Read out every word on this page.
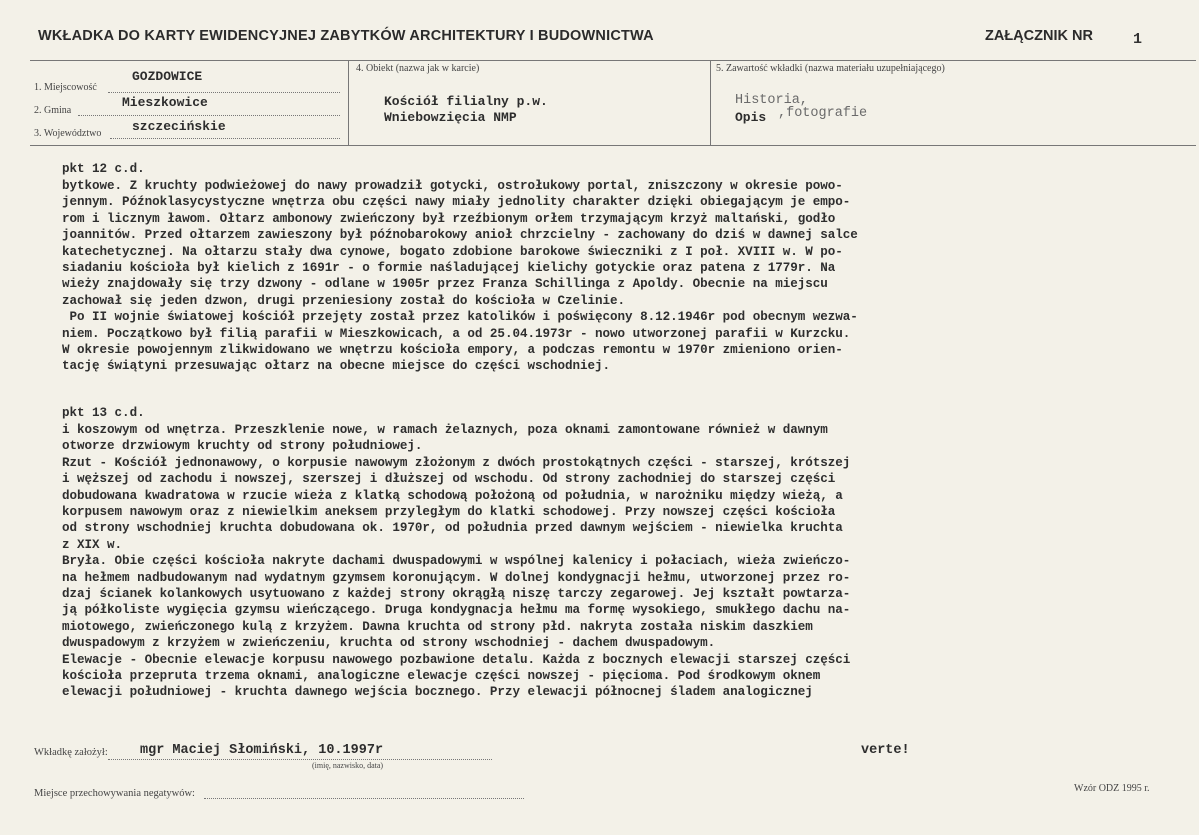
WKŁADKA DO KARTY EWIDENCYJNEJ ZABYTKÓW ARCHITEKTURY I BUDOWNICTWA	ZAŁĄCZNIK NR	1
1. Miejscowość
GOZDOWICE
2. Gmina
Mieszkowice
3. Województwo szczecińskie
4. Obiekt (nazwa jak w karcie)
Kościół filialny p.w.
Wniebowzięcia NMP
5. Zawartość wkładki (nazwa materiału uzupełniającego)
Historia,
Opis ,fotografie
pkt 12 c.d.
bytkowe. Z kruchty podwieżowej do nawy prowadził gotycki, ostrołukowy portal, zniszczony w okresie powo-
jennym. Późnoklasycystyczne wnętrza obu części nawy miały jednolity charakter dzięki obiegającym je empo-
rom i licznym ławom. Ołtarz ambonowy zwieńczony był rzeźbionym orłem trzymającym krzyż maltański, godło
joannitów. Przed ołtarzem zawieszony był późnobarokowy anioł chrzcielny - zachowany do dziś w dawnej salce
katechetycznej. Na ołtarzu stały dwa cynowe, bogato zdobione barokowe świeczniki z I poł. XVIII w. W po-
siadaniu kościoła był kielich z 1691r - o formie naśladującej kielichy gotyckie oraz patena z 1779r. Na
wieży znajdowały się trzy dzwony - odlane w 1905r przez Franza Schillinga z Apoldy. Obecnie na miejscu
zachował się jeden dzwon, drugi przeniesiony został do kościoła w Czelinie.
Po II wojnie światowej kościół przejęty został przez katolików i poświęcony 8.12.1946r pod obecnym wezwa-
niem. Początkowo był filią parafii w Mieszkowicach, a od 25.04.1973r - nowo utworzonej parafii w Kurzcku.
W okresie powojennym zlikwidowano we wnętrzu kościoła empory, a podczas remontu w 1970r zmieniono orien-
tację świątyni przesuwając ołtarz na obecne miejsce do części wschodniej.
pkt 13 c.d.
i koszowym od wnętrza. Przeszklenie nowe, w ramach żelaznych, poza oknami zamontowane również w dawnym
otworze drzwiowym kruchty od strony południowej.
Rzut - Kościół jednonawowy, o korpusie nawowym złożonym z dwóch prostokątnych części - starszej, krótszej
i węższej od zachodu i nowszej, szerszej i dłuższej od wschodu. Od strony zachodniej do starszej części
dobudowana kwadratowa w rzucie wieża z klatką schodową położoną od południa, w narożniku między wieżą, a
korpusem nawowym oraz z niewielkim aneksem przyległym do klatki schodowej. Przy nowszej części kościoła
od strony wschodniej kruchta dobudowana ok. 1970r, od południa przed dawnym wejściem - niewielka kruchta
z XIX w.
Bryła. Obie części kościoła nakryte dachami dwuspadowymi w wspólnej kalenicy i połaciach, wieża zwieńczo-
na hełmem nadbudowanym nad wydatnym gzymsem koronującym. W dolnej kondygnacji hełmu, utworzonej przez ro-
dzaj ścianek kolankowych usytuowano z każdej strony okrągłą niszę tarczy zegarowej. Jej kształt powtarza-
ją półkoliste wygięcia gzymsu wieńczącego. Druga kondygnacja hełmu ma formę wysokiego, smukłego dachu na-
miotowego, zwieńczonego kulą z krzyżem. Dawna kruchta od strony płd. nakryta została niskim daszkiem
dwuspadowym z krzyżem w zwieńczeniu, kruchta od strony wschodniej - dachem dwuspadowym.
Elewacje - Obecnie elewacje korpusu nawowego pozbawione detalu. Każda z bocznych elewacji starszej części
kościoła przepruta trzema oknami, analogiczne elewacje części nowszej - pięcioma. Pod środkowym oknem
elewacji południowej - kruchta dawnego wejścia bocznego. Przy elewacji północnej śladem analogicznej
Wkładkę założył: mgr Maciej Słomiński, 10.1997r
(imię, nazwisko, data)
verte!
Miejsce przechowywania negatywów:	Wzór ODZ 1995 r.
